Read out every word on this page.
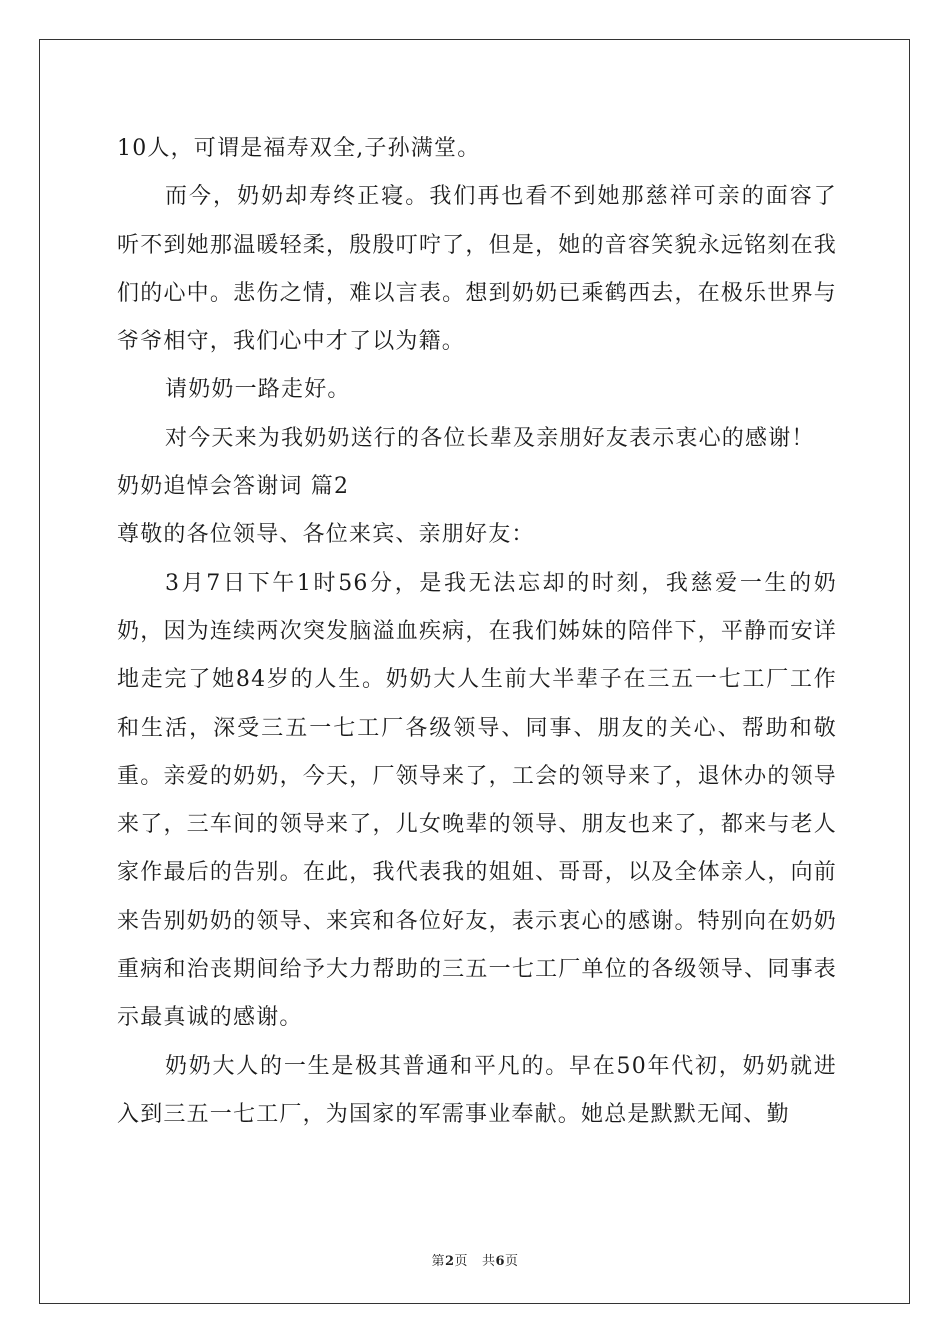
10人，可谓是福寿双全,子孙满堂。

而今，奶奶却寿终正寝。我们再也看不到她那慈祥可亲的面容了听不到她那温暖轻柔，殷殷叮咛了，但是，她的音容笑貌永远铭刻在我们的心中。悲伤之情，难以言表。想到奶奶已乘鹤西去，在极乐世界与爷爷相守，我们心中才了以为籍。

请奶奶一路走好。

对今天来为我奶奶送行的各位长辈及亲朋好友表示衷心的感谢！

奶奶追悼会答谢词 篇2

尊敬的各位领导、各位来宾、亲朋好友：

3月7日下午1时56分，是我无法忘却的时刻，我慈爱一生的奶奶，因为连续两次突发脑溢血疾病，在我们姊妹的陪伴下，平静而安详地走完了她84岁的人生。奶奶大人生前大半辈子在三五一七工厂工作和生活，深受三五一七工厂各级领导、同事、朋友的关心、帮助和敬重。亲爱的奶奶，今天，厂领导来了，工会的领导来了，退休办的领导来了，三车间的领导来了，儿女晚辈的领导、朋友也来了，都来与老人家作最后的告别。在此，我代表我的姐姐、哥哥，以及全体亲人，向前来告别奶奶的领导、来宾和各位好友，表示衷心的感谢。特别向在奶奶重病和治丧期间给予大力帮助的三五一七工厂单位的各级领导、同事表示最真诚的感谢。

奶奶大人的一生是极其普通和平凡的。早在50年代初，奶奶就进入到三五一七工厂，为国家的军需事业奉献。她总是默默无闻、勤

第2页   共6页
